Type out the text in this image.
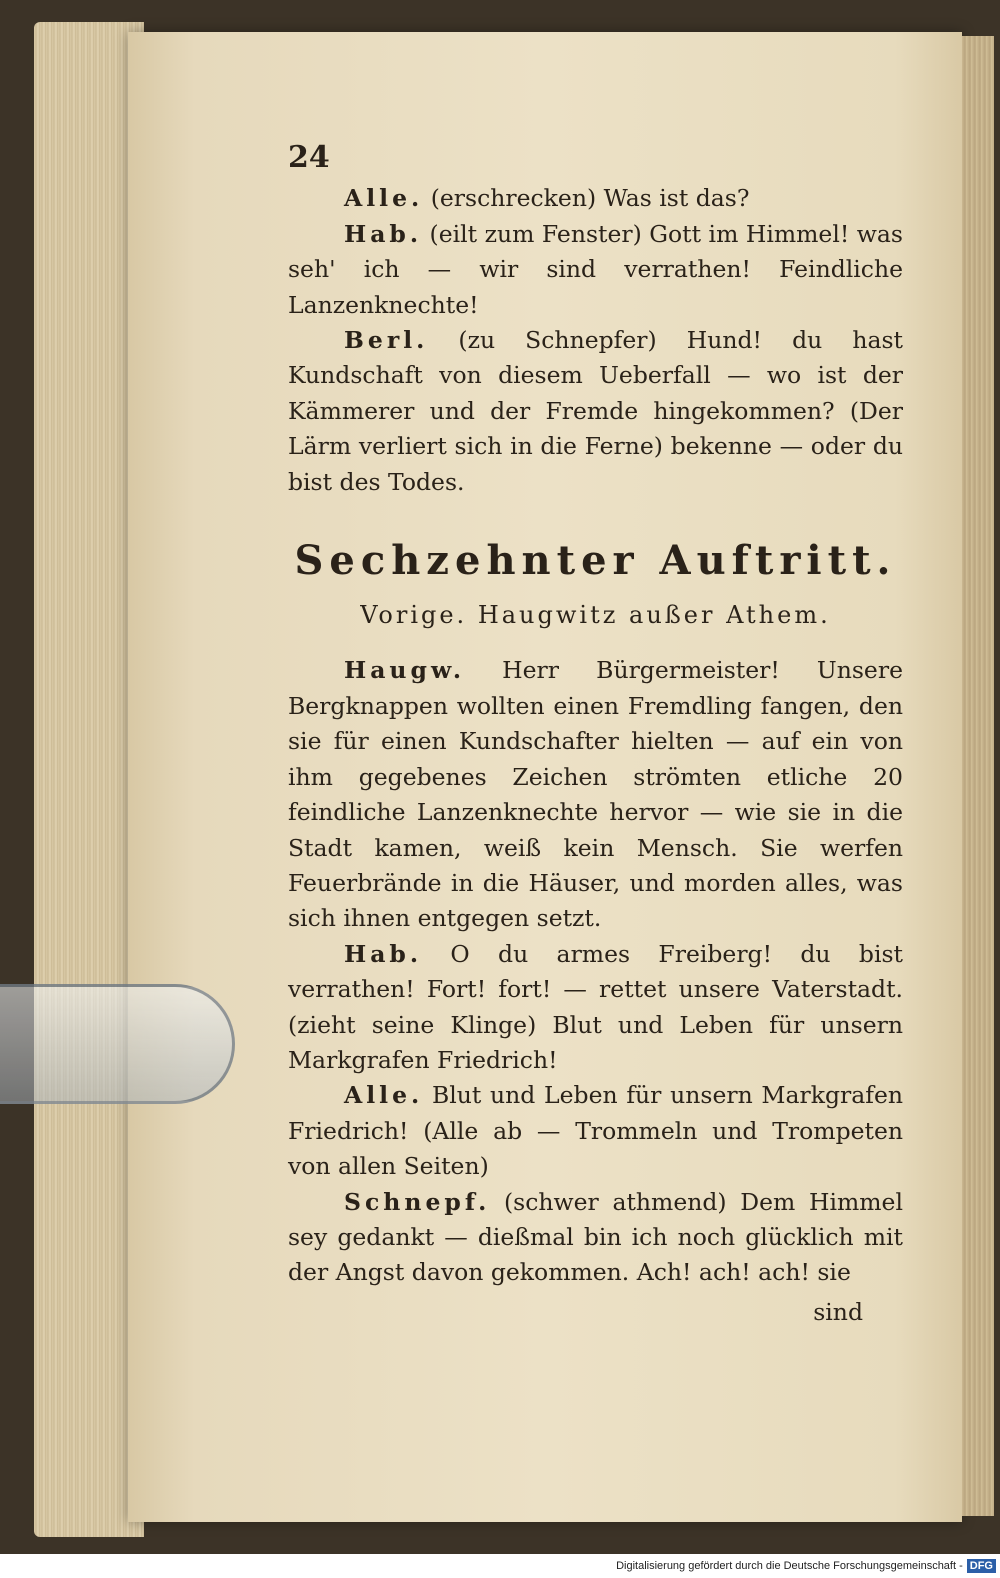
24

Alle. (erschrecken) Was ist das?

Hab. (eilt zum Fenster) Gott im Himmel! was seh' ich — wir sind verrathen! Feindliche Lanzenknechte!

Berl. (zu Schnepfer) Hund! du hast Kundschaft von diesem Ueberfall — wo ist der Kämmerer und der Fremde hingekommen? (Der Lärm verliert sich in die Ferne) bekenne — oder du bist des Todes.

Sechzehnter Auftritt.
Vorige. Haugwitz außer Athem.

Haugw. Herr Bürgermeister! Unsere Bergknappen wollten einen Fremdling fangen, den sie für einen Kundschafter hielten — auf ein von ihm gegebenes Zeichen strömten etliche 20 feindliche Lanzenknechte hervor — wie sie in die Stadt kamen, weiß kein Mensch. Sie werfen Feuerbrände in die Häuser, und morden alles, was sich ihnen entgegen setzt.

Hab. O du armes Freiberg! du bist verrathen! Fort! fort! — rettet unsere Vaterstadt. (zieht seine Klinge) Blut und Leben für unsern Markgrafen Friedrich!

Alle. Blut und Leben für unsern Markgrafen Friedrich! (Alle ab — Trommeln und Trompeten von allen Seiten)

Schnepf. (schwer athmend) Dem Himmel sey gedankt — dießmal bin ich noch glücklich mit der Angst davon gekommen. Ach! ach! ach! sie

sind
Digitalisierung gefördert durch die Deutsche Forschungsgemeinschaft - DFG
